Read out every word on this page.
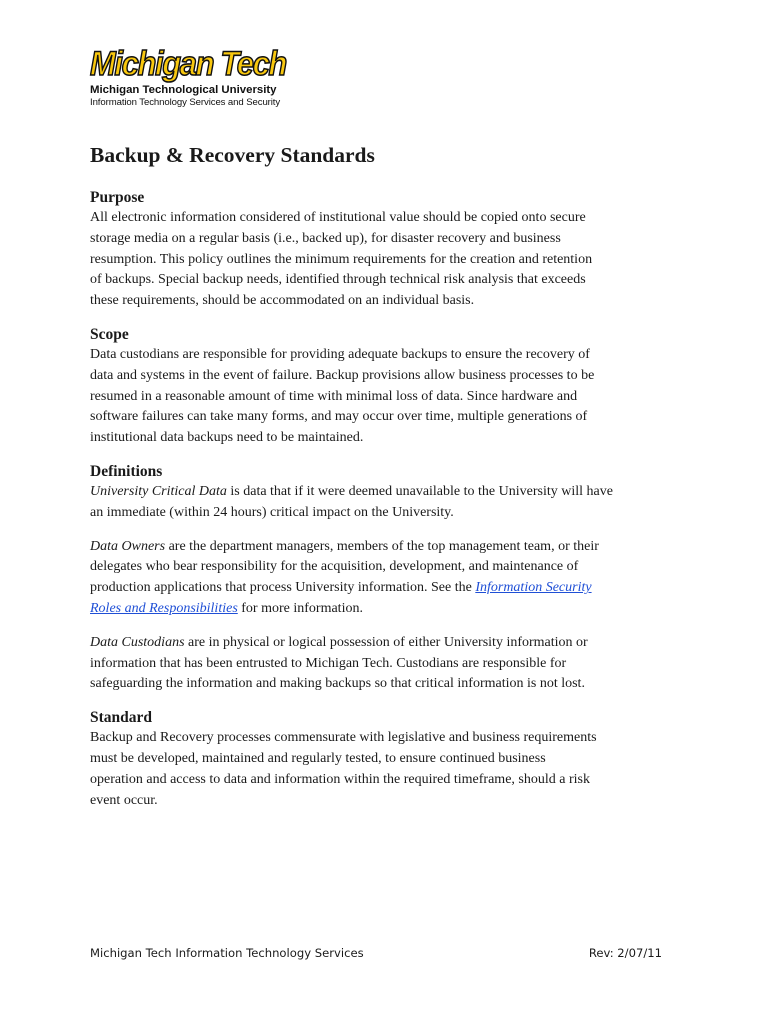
Michigan Tech
Michigan Technological University
Information Technology Services and Security
Backup & Recovery Standards
Purpose

All electronic information considered of institutional value should be copied onto secure
storage media on a regular basis (i.e., backed up), for disaster recovery and business
resumption. This policy outlines the minimum requirements for the creation and retention
of backups. Special backup needs, identified through technical risk analysis that exceeds
these requirements, should be accommodated on an individual basis.

Scope

Data custodians are responsible for providing adequate backups to ensure the recovery of
data and systems in the event of failure. Backup provisions allow business processes to be
resumed in a reasonable amount of time with minimal loss of data. Since hardware and
software failures can take many forms, and may occur over time, multiple generations of
institutional data backups need to be maintained.

Definitions

University Critical Data is data that if it were deemed unavailable to the University will have
an immediate (within 24 hours) critical impact on the University.

Data Owners are the department managers, members of the top management team, or their
delegates who bear responsibility for the acquisition, development, and maintenance of
production applications that process University information. See the Information Security
Roles and Responsibilities for more information.

Data Custodians are in physical or logical possession of either University information or
information that has been entrusted to Michigan Tech. Custodians are responsible for
safeguarding the information and making backups so that critical information is not lost.

Standard

Backup and Recovery processes commensurate with legislative and business requirements
must be developed, maintained and regularly tested, to ensure continued business
operation and access to data and information within the required timeframe, should a risk
event occur.

Michigan Tech Information Technology Services	Rev: 2/07/11
